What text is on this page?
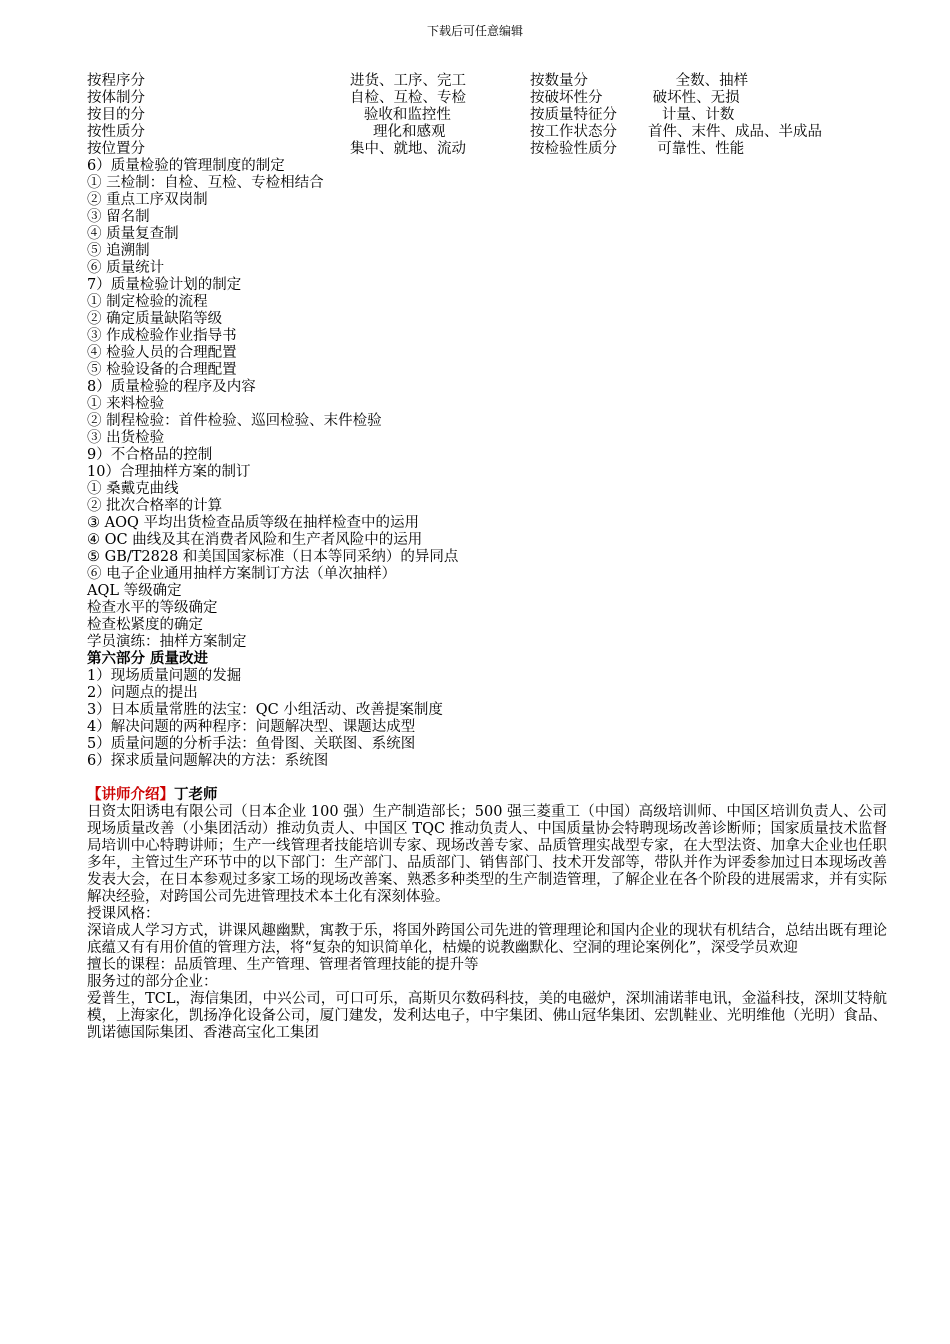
下载后可任意编辑
按程序分	进货、工序、完工	按数量分	全数、抽样
按体制分	自检、互检、专检	按破坏性分	破坏性、无损
按目的分	验收和监控性	按质量特征分	计量、计数
按性质分	理化和感观	按工作状态分	首件、末件、成品、半成品
按位置分	集中、就地、流动	按检验性质分	可靠性、性能
6）质量检验的管理制度的制定
① 三检制：自检、互检、专检相结合
② 重点工序双岗制
③ 留名制
④ 质量复查制
⑤ 追溯制
⑥ 质量统计
7）质量检验计划的制定
① 制定检验的流程
② 确定质量缺陷等级
③ 作成检验作业指导书
④ 检验人员的合理配置
⑤ 检验设备的合理配置
8）质量检验的程序及内容
① 来料检验
② 制程检验：首件检验、巡回检验、末件检验
③ 出货检验
9）不合格品的控制
10）合理抽样方案的制订
① 桑戴克曲线
② 批次合格率的计算
③ AOQ 平均出货检查品质等级在抽样检查中的运用
④ OC 曲线及其在消费者风险和生产者风险中的运用
⑤ GB/T2828 和美国国家标准（日本等同采纳）的异同点
⑥ 电子企业通用抽样方案制订方法（单次抽样）
AQL 等级确定
检查水平的等级确定
检查松紧度的确定
学员演练：抽样方案制定
第六部分 质量改进
1）现场质量问题的发掘
2）问题点的提出
3）日本质量常胜的法宝：QC 小组活动、改善提案制度
4）解决问题的两种程序：问题解决型、课题达成型
5）质量问题的分析手法：鱼骨图、关联图、系统图
6）探求质量问题解决的方法：系统图
【讲师介绍】丁老师
日资太阳诱电有限公司（日本企业 100 强）生产制造部长；500 强三菱重工（中国）高级培训师、中国区培训负责人、公司现场质量改善（小集团活动）推动负责人、中国区 TQC 推动负责人、中国质量协会特聘现场改善诊断师；国家质量技术监督局培训中心特聘讲师；生产一线管理者技能培训专家、现场改善专家、品质管理实战型专家，在大型法资、加拿大企业也任职多年，主管过生产环节中的以下部门：生产部门、品质部门、销售部门、技术开发部等，带队并作为评委参加过日本现场改善发表大会，在日本参观过多家工场的现场改善案、熟悉多种类型的生产制造管理，了解企业在各个阶段的进展需求，并有实际解决经验，对跨国公司先进管理技术本土化有深刻体验。
授课风格：
深谙成人学习方式，讲课风趣幽默，寓教于乐，将国外跨国公司先进的管理理论和国内企业的现状有机结合，总结出既有理论底蕴又有有用价值的管理方法，将“复杂的知识简单化，枯燥的说教幽默化、空洞的理论案例化”，深受学员欢迎
擅长的课程：品质管理、生产管理、管理者管理技能的提升等
服务过的部分企业：
爱普生，TCL，海信集团，中兴公司，可口可乐，高斯贝尔数码科技，美的电磁炉，深圳浦诺菲电讯，金溢科技，深圳艾特航模，上海家化，凯扬净化设备公司，厦门建发，发利达电子，中宇集团、佛山冠华集团、宏凯鞋业、光明维他（光明）食品、凯诺德国际集团、香港高宝化工集团
